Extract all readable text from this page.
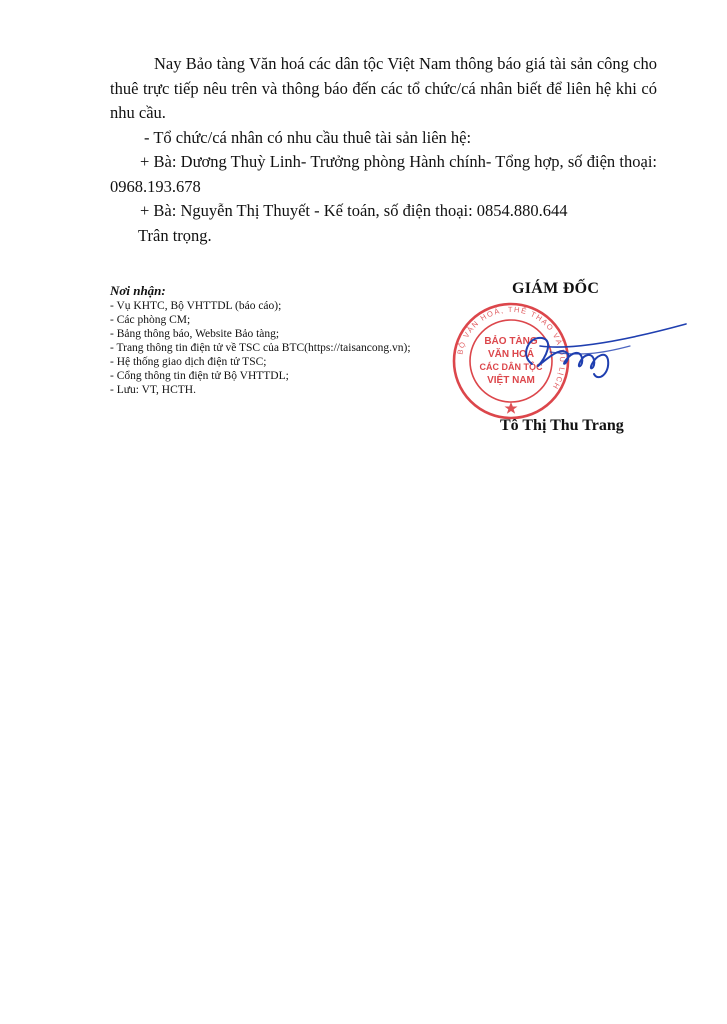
Nay Bảo tàng Văn hoá các dân tộc Việt Nam thông báo giá tài sản công cho thuê trực tiếp nêu trên và thông báo đến các tổ chức/cá nhân biết để liên hệ khi có nhu cầu.

- Tổ chức/cá nhân có nhu cầu thuê tài sản liên hệ:

+ Bà: Dương Thuỳ Linh- Trưởng phòng Hành chính- Tổng hợp, số điện thoại: 0968.193.678

+ Bà: Nguyễn Thị Thuyết - Kế toán, số điện thoại: 0854.880.644

Trân trọng.

Nơi nhận:
- Vụ KHTC, Bộ VHTTDL (báo cáo);
- Các phòng CM;
- Bảng thông báo, Website Bảo tàng;
- Trang thông tin điện tử về TSC của BTC(https://taisancong.vn);
- Hệ thống giao dịch điện tử TSC;
- Cổng thông tin điện tử Bộ VHTTDL;
- Lưu: VT, HCTH.
GIÁM ĐỐC
BỘ VĂN HOÁ, THỂ THAO VÀ DU LỊCH
BẢO TÀNG
VĂN HOÁ
CÁC DÂN TỘC
VIỆT NAM
Tô Thị Thu Trang
